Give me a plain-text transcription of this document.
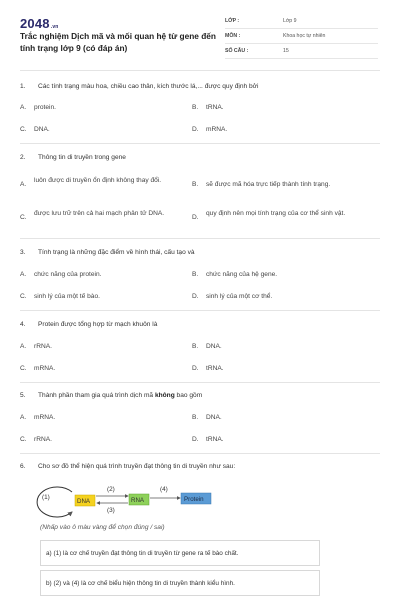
2048.vn
Trắc nghiệm Dịch mã và mối quan hệ từ gene đến tính trạng lớp 9 (có đáp án)
LỚP :	Lớp 9
MÔN :	Khoa học tự nhiên
SỐ CÂU :	15
1. Các tính trạng màu hoa, chiều cao thân, kích thước lá,... được quy định bởi
A. protein.	B. tRNA.
C. DNA.	D. mRNA.
2. Thông tin di truyền trong gene
A.
luôn được di truyền ổn định không thay đổi.
B. sẽ được mã hóa trực tiếp thành tính trạng.
C.
được lưu trữ trên cả hai mạch phân tử DNA.
D.
quy định nên mọi tính trạng của cơ thể sinh vật.
3. Tính trạng là những đặc điểm về hình thái, cấu tạo và
A. chức năng của protein.	B. chức năng của hệ gene.
C. sinh lý của một tế bào.	D. sinh lý của một cơ thể.
4. Protein được tổng hợp từ mạch khuôn là
A. rRNA.	B. DNA.
C. mRNA.	D. tRNA.
5. Thành phần tham gia quá trình dịch mã không bao gồm
A. mRNA.	B. DNA.
C. rRNA.	D. tRNA.
6. Cho sơ đồ thể hiện quá trình truyền đạt thông tin di truyền như sau:
(1)
DNA
(2)
(3)
RNA
(4)
Protein
(Nhấp vào ô màu vàng để chọn đúng / sai)
a) (1) là cơ chế truyền đạt thông tin di truyền từ gene ra tế bào chất.
b) (2) và (4) là cơ chế biểu hiện thông tin di truyền thành kiểu hình.
